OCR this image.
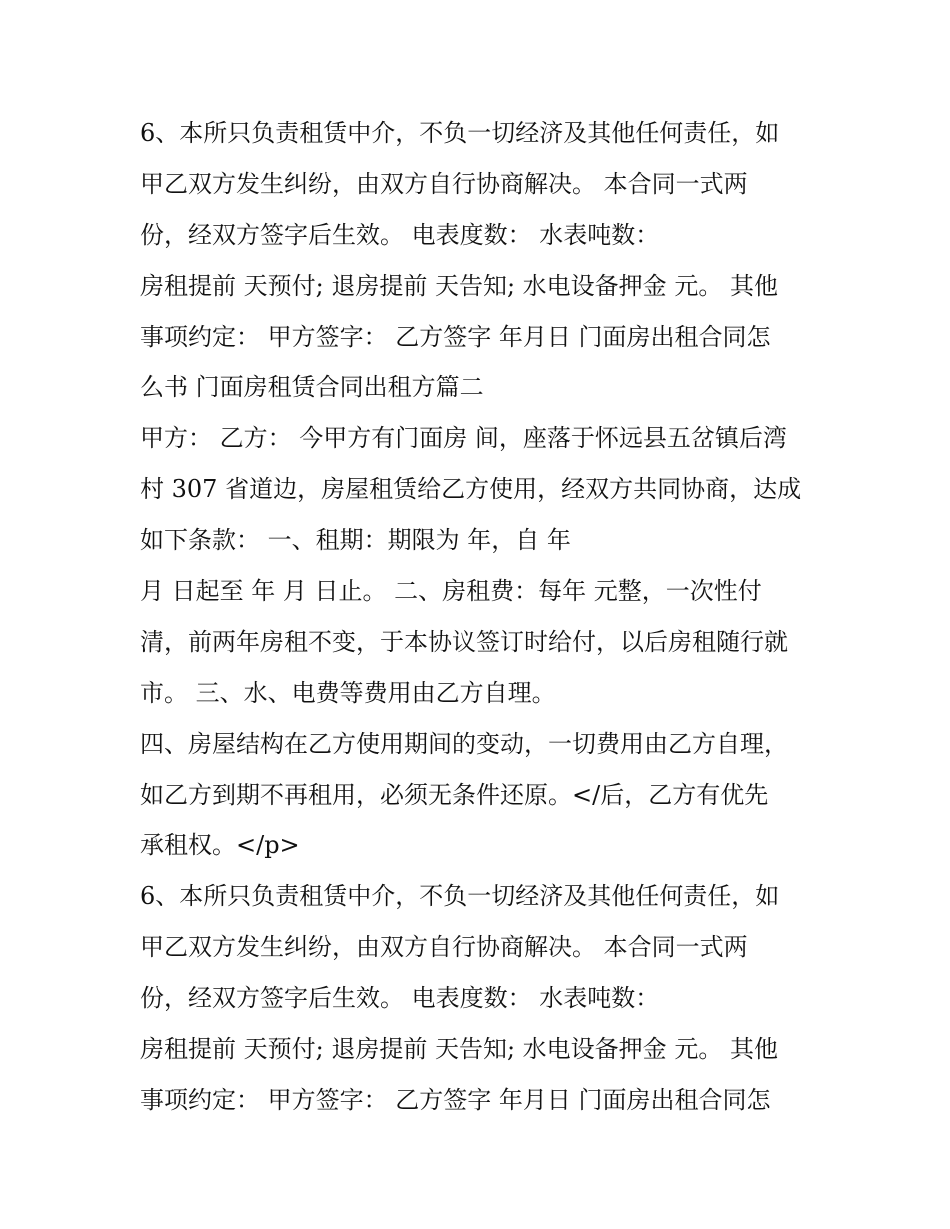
6、本所只负责租赁中介，不负一切经济及其他任何责任，如
甲乙双方发生纠纷，由双方自行协商解决。 本合同一式两
份，经双方签字后生效。 电表度数： 水表吨数：
房租提前 天预付; 退房提前 天告知; 水电设备押金 元。 其他
事项约定： 甲方签字： 乙方签字 年月日 门面房出租合同怎
么书 门面房租赁合同出租方篇二
甲方： 乙方： 今甲方有门面房 间，座落于怀远县五岔镇后湾
村 307 省道边，房屋租赁给乙方使用，经双方共同协商，达成
如下条款： 一、租期：期限为 年，自 年
月 日起至 年 月 日止。 二、房租费：每年 元整，一次性付
清，前两年房租不变，于本协议签订时给付，以后房租随行就
市。 三、水、电费等费用由乙方自理。
四、房屋结构在乙方使用期间的变动，一切费用由乙方自理，
如乙方到期不再租用，必须无条件还原。</后，乙方有优先
承租权。</p>
6、本所只负责租赁中介，不负一切经济及其他任何责任，如
甲乙双方发生纠纷，由双方自行协商解决。 本合同一式两
份，经双方签字后生效。 电表度数： 水表吨数：
房租提前 天预付; 退房提前 天告知; 水电设备押金 元。 其他
事项约定： 甲方签字： 乙方签字 年月日 门面房出租合同怎
